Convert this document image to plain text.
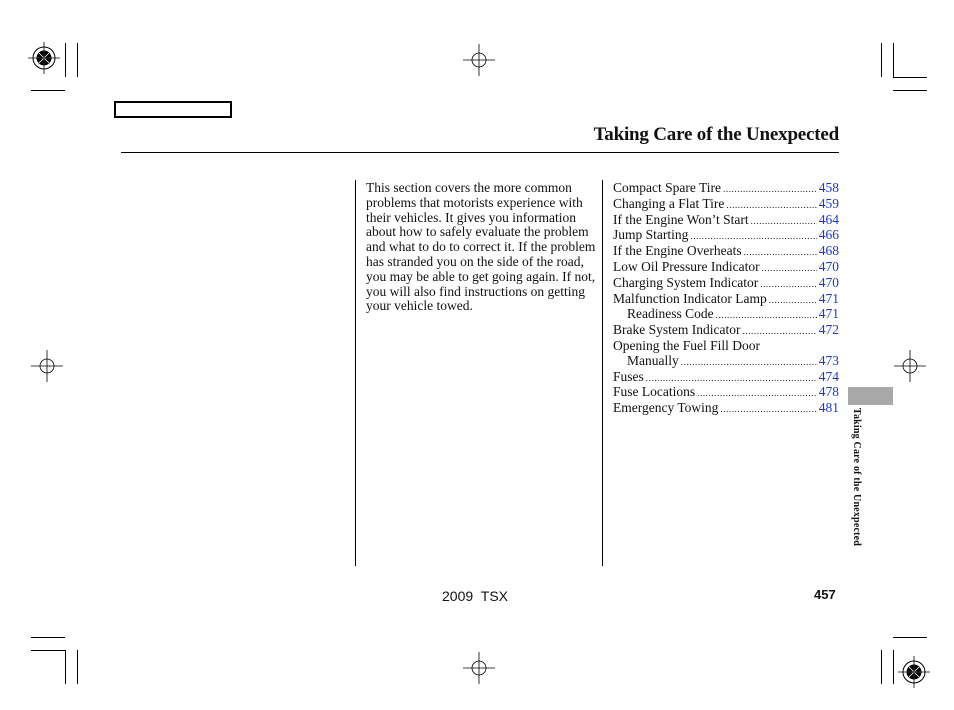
Taking Care of the Unexpected

This section covers the more common problems that motorists experience with their vehicles. It gives you information about how to safely evaluate the problem and what to do to correct it. If the problem has stranded you on the side of the road, you may be able to get going again. If not, you will also find instructions on getting your vehicle towed.

Compact Spare Tire .....	458
Changing a Flat Tire .....	459
If the Engine Won’t Start .....	464
Jump Starting .....	466
If the Engine Overheats .....	468
Low Oil Pressure Indicator .....	470
Charging System Indicator .....	470
Malfunction Indicator Lamp .....	471
Readiness Code .....	471
Brake System Indicator .....	472
Opening the Fuel Fill Door
Manually .....	473
Fuses .....	474
Fuse Locations .....	478
Emergency Towing .....	481
Taking Care of the Unexpected
2009 TSX	457
